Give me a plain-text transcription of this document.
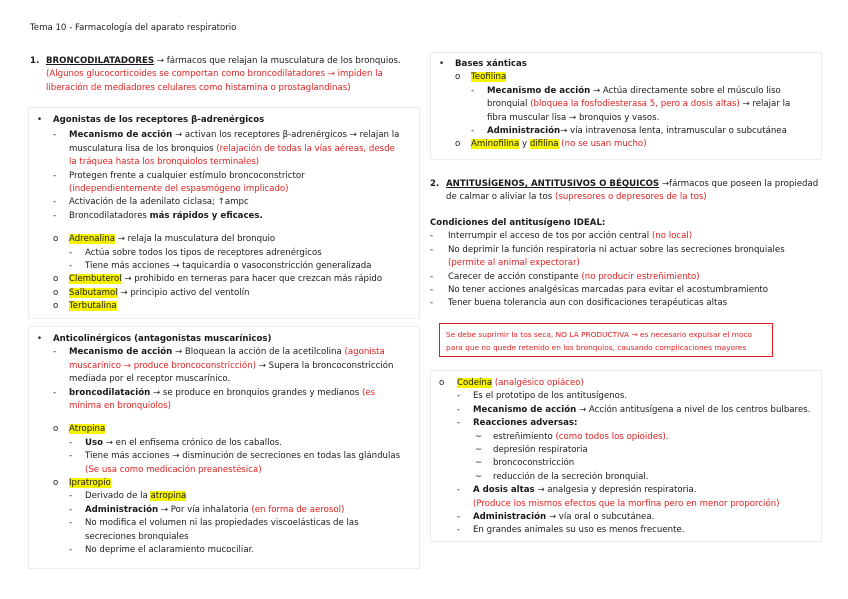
Tema 10 - Farmacología del aparato respiratorio
1. BRONCODILATADORES → fármacos que relajan la musculatura de los bronquios.
(Algunos glucocorticoides se comportan como broncodilatadores → impiden la
liberación de mediadores celulares como histamina o prostaglandinas)
• Agonistas de los receptores β-adrenérgicos
- Mecanismo de acción → activan los receptores β-adrenérgicos → relajan la
musculatura lisa de los bronquios (relajación de todas la vías aéreas, desde
la tráquea hasta los bronquiolos terminales)
- Protegen frente a cualquier estímulo broncoconstrictor
(independientemente del espasmógeno implicado)
- Activación de la adenilato ciclasa; ↑ampc
- Broncodilatadores más rápidos y eficaces.
o Adrenalina → relaja la musculatura del bronquio
- Actúa sobre todos los tipos de receptores adrenérgicos
- Tiene más acciones → taquicardia o vasoconstricción generalizada
o Clembuterol → prohibido en terneras para hacer que crezcan más rápido
o Salbutamol → principio activo del ventolín
o Terbutalina
• Anticolinérgicos (antagonistas muscarínicos)
- Mecanismo de acción → Bloquean la acción de la acetilcolina (agonista
muscarínico → produce broncoconstricción) → Supera la broncoconstricción
mediada por el receptor muscarínico.
- broncodilatación → se produce en bronquios grandes y medianos (es
mínima en bronquiolos)
o Atropina
- Uso → en el enfisema crónico de los caballos.
- Tiene más acciones → disminución de secreciones en todas las glándulas
(Se usa como medicación preanestésica)
o Ipratropio
- Derivado de la atropina
- Administración → Por vía inhalatoria (en forma de aerosol)
- No modifica el volumen ni las propiedades viscoelásticas de las
secreciones bronquiales
- No deprime el aclaramiento mucociliar.
• Bases xánticas
o Teofilina
- Mecanismo de acción → Actúa directamente sobre el músculo liso
bronquial (bloquea la fosfodiesterasa 5, pero a dosis altas) → relajar la
fibra muscular lisa → bronquios y vasos.
- Administración→ vía intravenosa lenta, intramuscular o subcutánea
o Aminofilina y difilina (no se usan mucho)
2. ANTITUSÍGENOS, ANTITUSIVOS O BÉQUICOS →fármacos que poseen la propiedad
de calmar o aliviar la tos (supresores o depresores de la tos)
Condiciones del antitusígeno IDEAL:
- Interrumpir el acceso de tos por acción central (no local)
- No deprimir la función respiratoria ni actuar sobre las secreciones bronquiales
(permite al animal expectorar)
- Carecer de acción constipante (no producir estreñimiento)
- No tener acciones analgésicas marcadas para evitar el acostumbramiento
- Tener buena tolerancia aun con dosificaciones terapéuticas altas
Se debe suprimir la tos seca, NO LA PRODUCTIVA → es necesario expulsar el moco
para que no quede retenido en los bronquios, causando complicaciones mayores
o Codeína (analgésico opiáceo)
- Es el prototipo de los antitusígenos.
- Mecanismo de acción → Acción antitusígena a nivel de los centros bulbares.
- Reacciones adversas:
~ estreñimiento (como todos los opioides).
~ depresión respiratoria
~ broncoconstricción
~ reducción de la secreción bronquial.
- A dosis altas → analgesia y depresión respiratoria.
(Produce los mismos efectos que la morfina pero en menor proporción)
- Administración → vía oral o subcutánea.
- En grandes animales su uso es menos frecuente.
